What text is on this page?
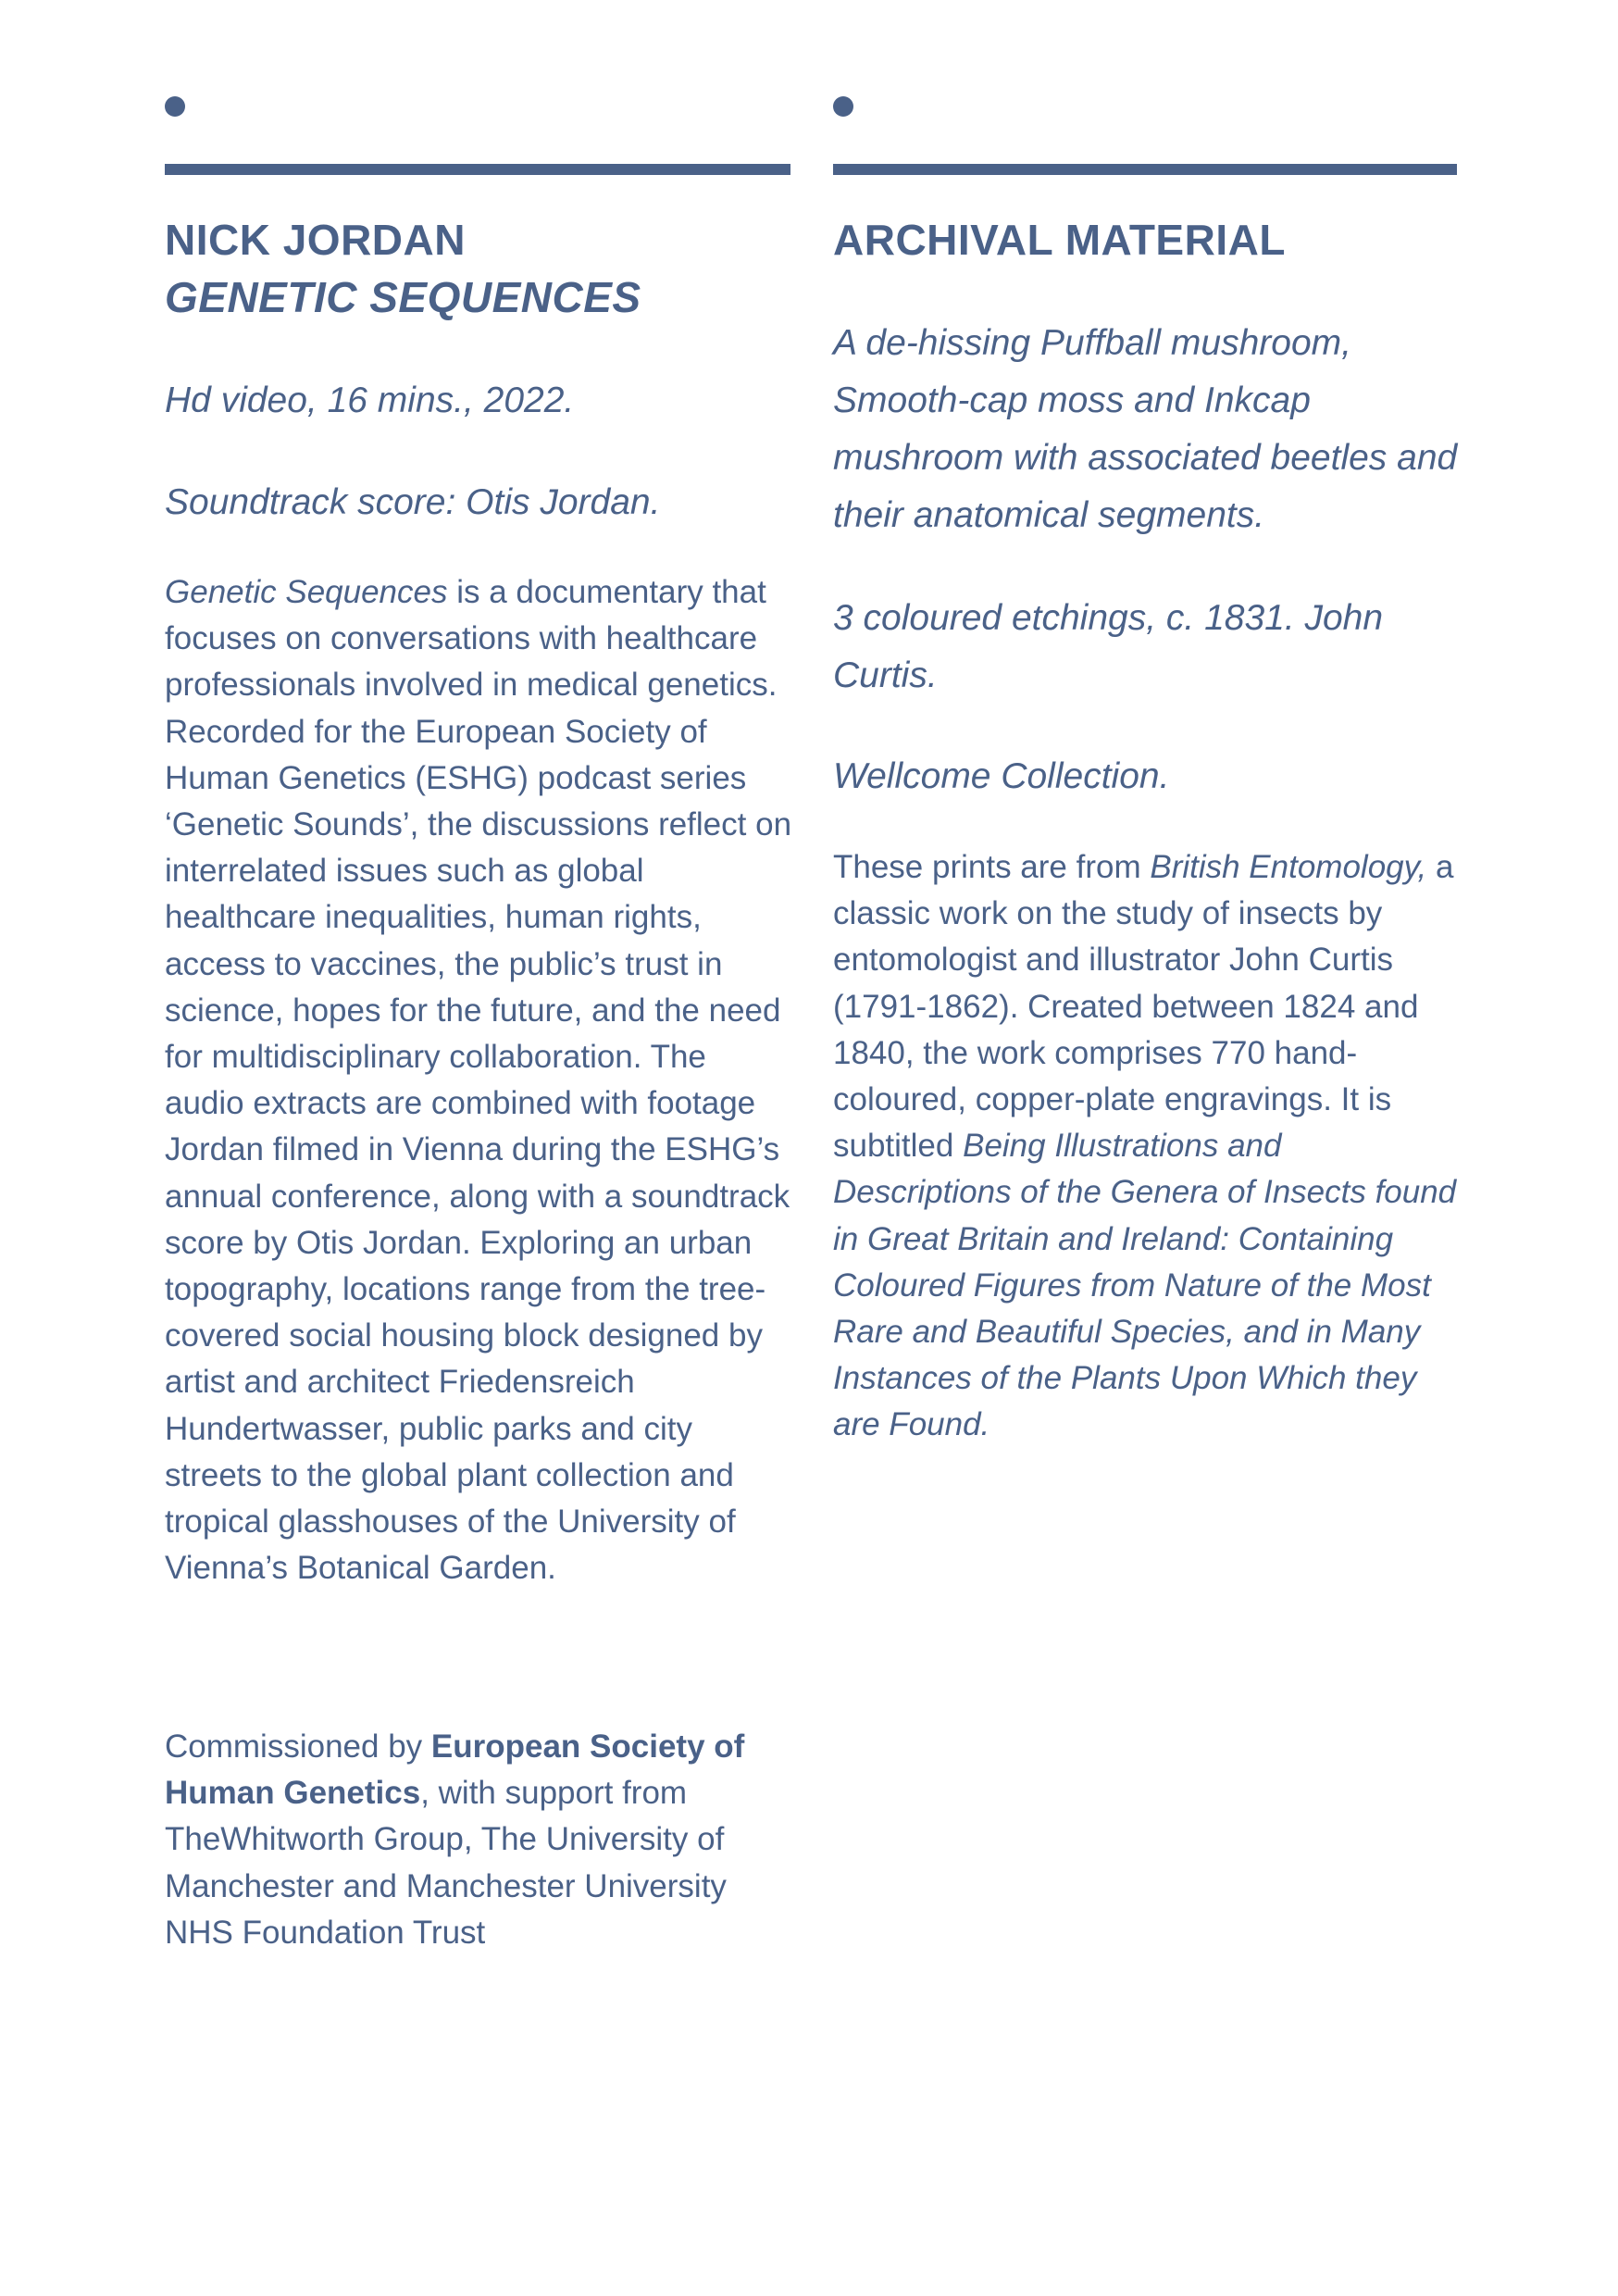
NICK JORDAN
GENETIC SEQUENCES

Hd video, 16 mins., 2022.

Soundtrack score: Otis Jordan.

Genetic Sequences is a documentary that focuses on conversations with healthcare professionals involved in medical genetics. Recorded for the European Society of Human Genetics (ESHG) podcast series ‘Genetic Sounds’, the discussions reflect on interrelated issues such as global healthcare inequalities, human rights, access to vaccines, the public’s trust in science, hopes for the future, and the need for multidisciplinary collaboration. The audio extracts are combined with footage Jordan filmed in Vienna during the ESHG’s annual conference, along with a soundtrack score by Otis Jordan. Exploring an urban topography, locations range from the tree-covered social housing block designed by artist and architect Friedensreich Hundertwasser, public parks and city streets to the global plant collection and tropical glasshouses of the University of Vienna’s Botanical Garden.

Commissioned by European Society of Human Genetics, with support from TheWhitworth Group, The University of Manchester and Manchester University NHS Foundation Trust

ARCHIVAL MATERIAL

A de-hissing Puffball mushroom, Smooth-cap moss and Inkcap mushroom with associated beetles and their anatomical segments.

3 coloured etchings, c. 1831. John Curtis.

Wellcome Collection.

These prints are from British Entomology, a classic work on the study of insects by entomologist and illustrator John Curtis (1791-1862). Created between 1824 and 1840, the work comprises 770 hand-coloured, copper-plate engravings. It is subtitled Being Illustrations and Descriptions of the Genera of Insects found in Great Britain and Ireland: Containing Coloured Figures from Nature of the Most Rare and Beautiful Species, and in Many Instances of the Plants Upon Which they are Found.
